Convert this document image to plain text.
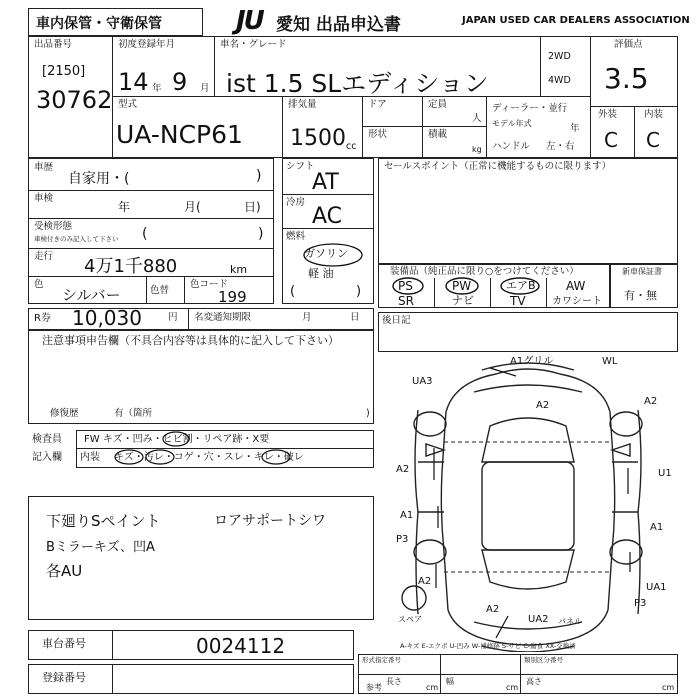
車内保管・守衛保管	JU 愛知 出品申込書	JAPAN USED CAR DEALERS ASSOCIATION
出品番号
[2150]
30762
初度登録年月
14 年 9 月
車名・グレード
ist 1.5 SLエディション
2WD
4WD
評価点
3.5
型式
UA-NCP61
排気量
1500 cc
ドア	定員
人
形状	積載
kg
ディーラー・並行
モデル年式	年
ハンドル 左・右
外装	内装
C C
車歴
自家用・(	)
車検
年	月(	日)
受検形態
車検付きのみ記入して下さい (	)
走行 4万1千880	km
色
シルバー	色替
色コード
199
シフト
AT
冷房
AC
燃料
ガソリン
軽 油
(	)
セールスポイント（正常に機能するものに限ります）
装備品（純正品に限り○をつけてください）
PS	PW	エアB	AW
SR	ナビ	TV	カワシート
新車保証書
有・無
R券 10,030	円 名変通知期限	月	日
注意事項申告欄（不具合内容等は具体的に記入して下さい）
修復歴	有（箇所	)
検査員
記入欄
FW キズ・凹み・ヒビ割・リペア跡・X要
内装 キズ・汚レ・コゲ・穴・スレ・キレ・破レ
下廻りSペイント
Bミラーキズ、凹A
各AU
ロアサポートシワ
後日記
A1グリル	WL
UA3
A2	A2
U1
A2
A1
A1
P3
A2
UA1
P3
UA2
A2
スペア	パネル
A-キズ E-エクボ U-凹み W-補修跡 S-サビ C-腐食 XX-交換済
車台番号	0024112
登録番号
形式指定番号	類別区分番号
参考
長さ
cm
幅
cm
高さ
cm
